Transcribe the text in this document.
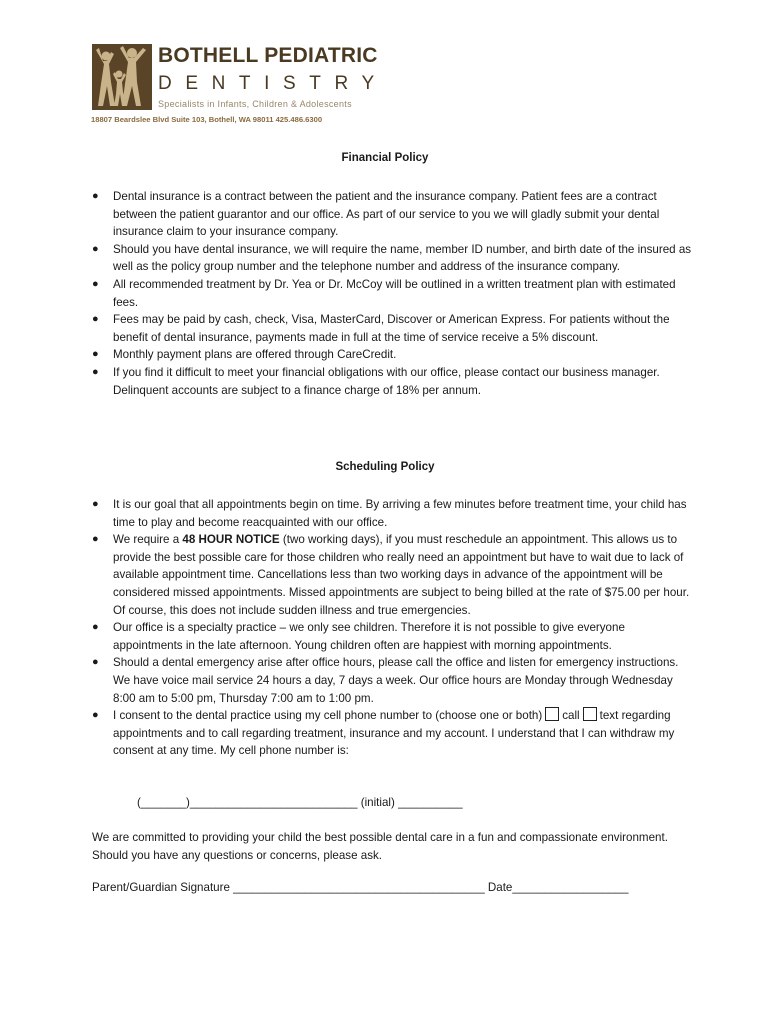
BOTHELL PEDIATRIC
DENTISTRY
Specialists in Infants, Children & Adolescents
18807 Beardslee Blvd Suite 103, Bothell, WA 98011 425.486.6300
Financial Policy
● Dental insurance is a contract between the patient and the insurance company. Patient fees are a contract between the patient guarantor and our office. As part of our service to you we will gladly submit your dental insurance claim to your insurance company.
● Should you have dental insurance, we will require the name, member ID number, and birth date of the insured as well as the policy group number and the telephone number and address of the insurance company.
● All recommended treatment by Dr. Yea or Dr. McCoy will be outlined in a written treatment plan with estimated fees.
● Fees may be paid by cash, check, Visa, MasterCard, Discover or American Express. For patients without the benefit of dental insurance, payments made in full at the time of service receive a 5% discount.
● Monthly payment plans are offered through CareCredit.
● If you find it difficult to meet your financial obligations with our office, please contact our business manager. Delinquent accounts are subject to a finance charge of 18% per annum.
Scheduling Policy
● It is our goal that all appointments begin on time. By arriving a few minutes before treatment time, your child has time to play and become reacquainted with our office.
● We require a 48 HOUR NOTICE (two working days), if you must reschedule an appointment. This allows us to provide the best possible care for those children who really need an appointment but have to wait due to lack of available appointment time. Cancellations less than two working days in advance of the appointment will be considered missed appointments. Missed appointments are subject to being billed at the rate of $75.00 per hour. Of course, this does not include sudden illness and true emergencies.
● Our office is a specialty practice – we only see children. Therefore it is not possible to give everyone appointments in the late afternoon. Young children often are happiest with morning appointments.
● Should a dental emergency arise after office hours, please call the office and listen for emergency instructions. We have voice mail service 24 hours a day, 7 days a week. Our office hours are Monday through Wednesday 8:00 am to 5:00 pm, Thursday 7:00 am to 1:00 pm.
● I consent to the dental practice using my cell phone number to (choose one or both) call text regarding appointments and to call regarding treatment, insurance and my account. I understand that I can withdraw my consent at any time. My cell phone number is:
(_______)__________________________ (initial) __________
We are committed to providing your child the best possible dental care in a fun and compassionate environment.   Should you have any questions or concerns, please ask.
Parent/Guardian Signature _______________________________________ Date__________________
